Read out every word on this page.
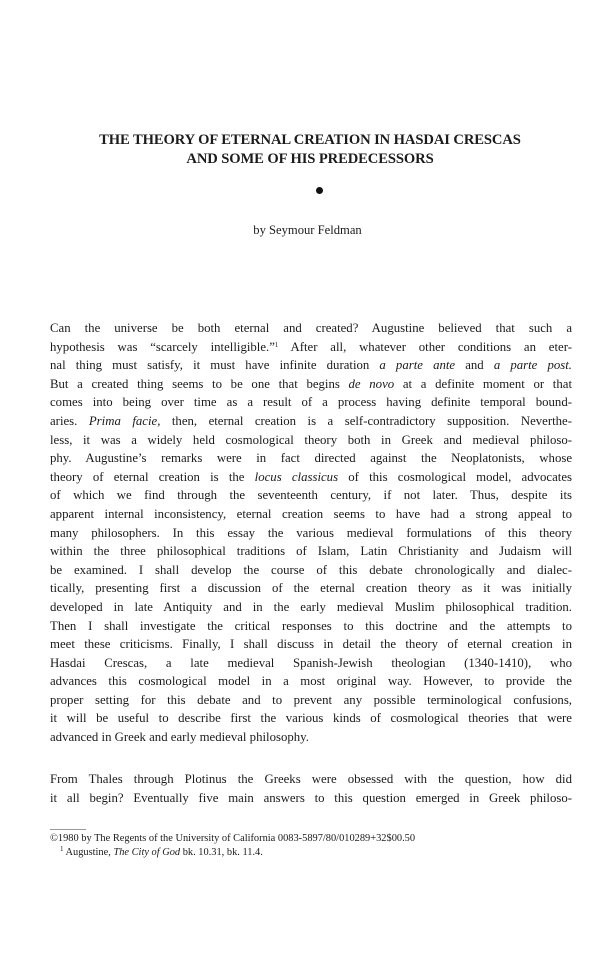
THE THEORY OF ETERNAL CREATION IN HASDAI CRESCAS
AND SOME OF HIS PREDECESSORS
by Seymour Feldman
Can the universe be both eternal and created? Augustine believed that such a
hypothesis was “scarcely intelligible.”$^1$ After all, whatever other conditions an eter-
nal thing must satisfy, it must have infinite duration a parte ante and a parte post.
But a created thing seems to be one that begins de novo at a definite moment or that
comes into being over time as a result of a process having definite temporal bound-
aries. Prima facie, then, eternal creation is a self-contradictory supposition. Neverthe-
less, it was a widely held cosmological theory both in Greek and medieval philoso-
phy. Augustine’s remarks were in fact directed against the Neoplatonists, whose
theory of eternal creation is the locus classicus of this cosmological model, advocates
of which we find through the seventeenth century, if not later. Thus, despite its
apparent internal inconsistency, eternal creation seems to have had a strong appeal to
many philosophers. In this essay the various medieval formulations of this theory
within the three philosophical traditions of Islam, Latin Christianity and Judaism will
be examined. I shall develop the course of this debate chronologically and dialec-
tically, presenting first a discussion of the eternal creation theory as it was initially
developed in late Antiquity and in the early medieval Muslim philosophical tradition.
Then I shall investigate the critical responses to this doctrine and the attempts to
meet these criticisms. Finally, I shall discuss in detail the theory of eternal creation in
Hasdai Crescas, a late medieval Spanish-Jewish theologian (1340-1410), who
advances this cosmological model in a most original way. However, to provide the
proper setting for this debate and to prevent any possible terminological confusions,
it will be useful to describe first the various kinds of cosmological theories that were
advanced in Greek and early medieval philosophy.
From Thales through Plotinus the Greeks were obsessed with the question, how did
it all begin? Eventually five main answers to this question emerged in Greek philoso-
©1980 by The Regents of the University of California 0083-5897/80/010289+32$00.50
$^1$ Augustine, The City of God bk. 10.31, bk. 11.4.
